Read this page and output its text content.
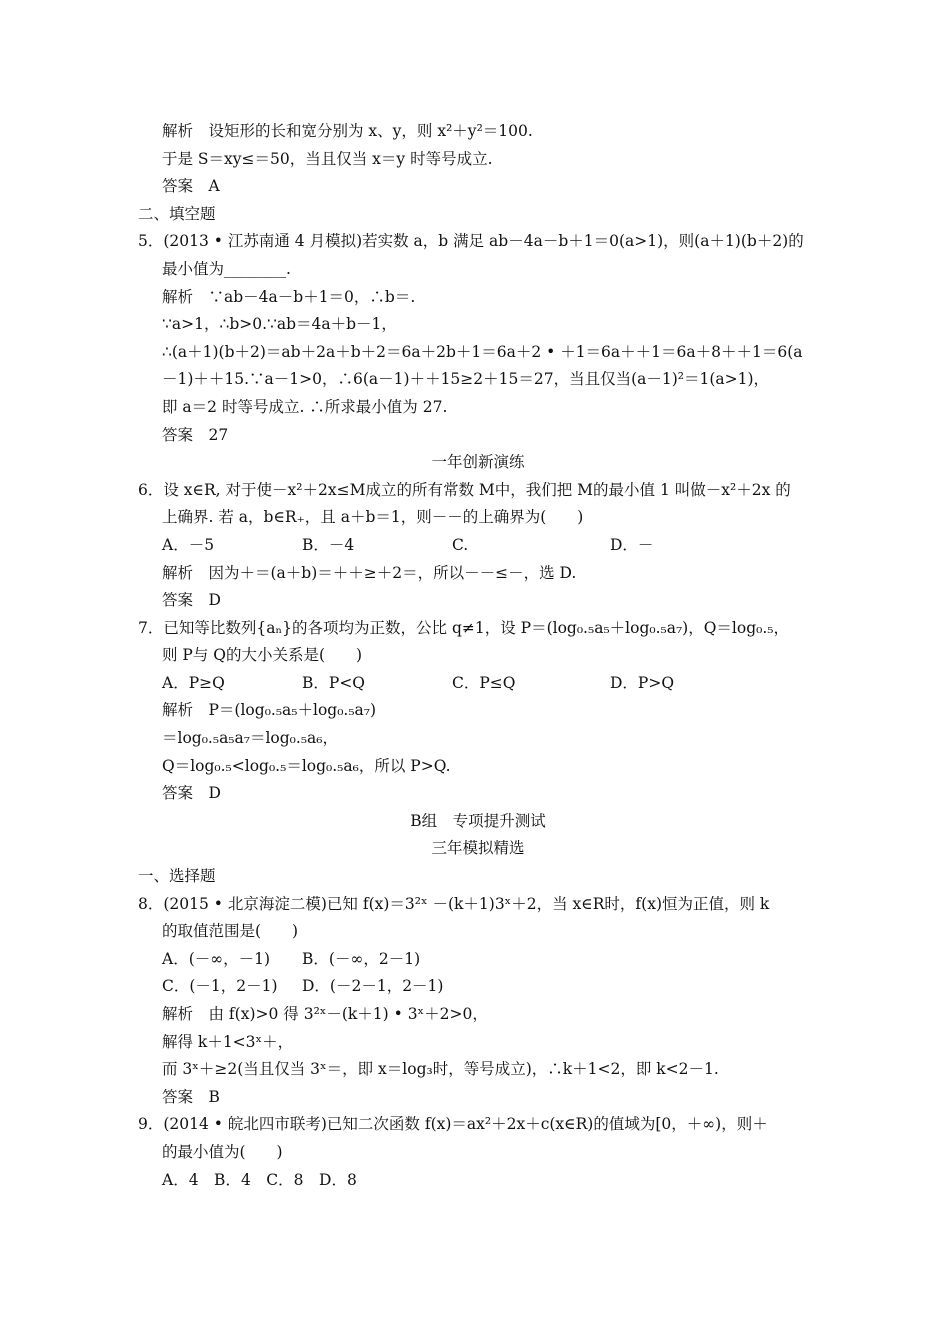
解析　设矩形的长和宽分别为 x、y，则 x²＋y²＝100.
于是 S＝xy≤＝50，当且仅当 x＝y 时等号成立.
答案　A
二、填空题
5．(2013 • 江苏南通 4 月模拟)若实数 a，b 满足 ab－4a－b＋1＝0(a>1)，则(a＋1)(b＋2)的
最小值为________.
解析　∵ab－4a－b＋1＝0，∴b＝.
∵a>1，∴b>0.∵ab＝4a＋b－1，
∴(a＋1)(b＋2)＝ab＋2a＋b＋2＝6a＋2b＋1＝6a＋2 • ＋1＝6a＋＋1＝6a＋8＋＋1＝6(a
－1)＋＋15.∵a－1>0，∴6(a－1)＋＋15≥2＋15＝27，当且仅当(a－1)²＝1(a>1)，
即 a＝2 时等号成立. ∴所求最小值为 27.
答案　27
一年创新演练
6．设 x∈R, 对于使－x²＋2x≤M成立的所有常数 M中，我们把 M的最小值 1 叫做－x²＋2x 的
上确界. 若 a，b∈R₊，且 a＋b＝1，则－－的上确界为(　　)
A．－5	B．－4	C.	D．－
解析　因为＋＝(a＋b)＝＋＋≥＋2＝，所以－－≤－，选 D.
答案　D
7．已知等比数列{aₙ}的各项均为正数，公比 q≠1，设 P＝(log₀.₅a₅＋log₀.₅a₇)，Q＝log₀.₅，
则 P与 Q的大小关系是(　　)
A．P≥Q	B．P<Q	C．P≤Q	D．P>Q
解析　P＝(log₀.₅a₅＋log₀.₅a₇)
＝log₀.₅a₅a₇＝log₀.₅a₆，
Q＝log₀.₅<log₀.₅＝log₀.₅a₆，所以 P>Q.
答案　D
B组　专项提升测试
三年模拟精选
一、选择题
8．(2015 • 北京海淀二模)已知 f(x)＝3²ˣ －(k＋1)3ˣ＋2，当 x∈R时，f(x)恒为正值，则 k
的取值范围是(　　)
A．(－∞，－1)	B．(－∞，2－1)
C．(－1，2－1)	D．(－2－1，2－1)
解析　由 f(x)>0 得 3²ˣ－(k＋1) • 3ˣ＋2>0，
解得 k＋1<3ˣ＋，
而 3ˣ＋≥2(当且仅当 3ˣ＝，即 x＝log₃时，等号成立)，∴k＋1<2，即 k<2－1.
答案　B
9．(2014 • 皖北四市联考)已知二次函数 f(x)＝ax²＋2x＋c(x∈R)的值域为[0，＋∞)，则＋
的最小值为(　　)
A．4　B．4　C．8　D．8
